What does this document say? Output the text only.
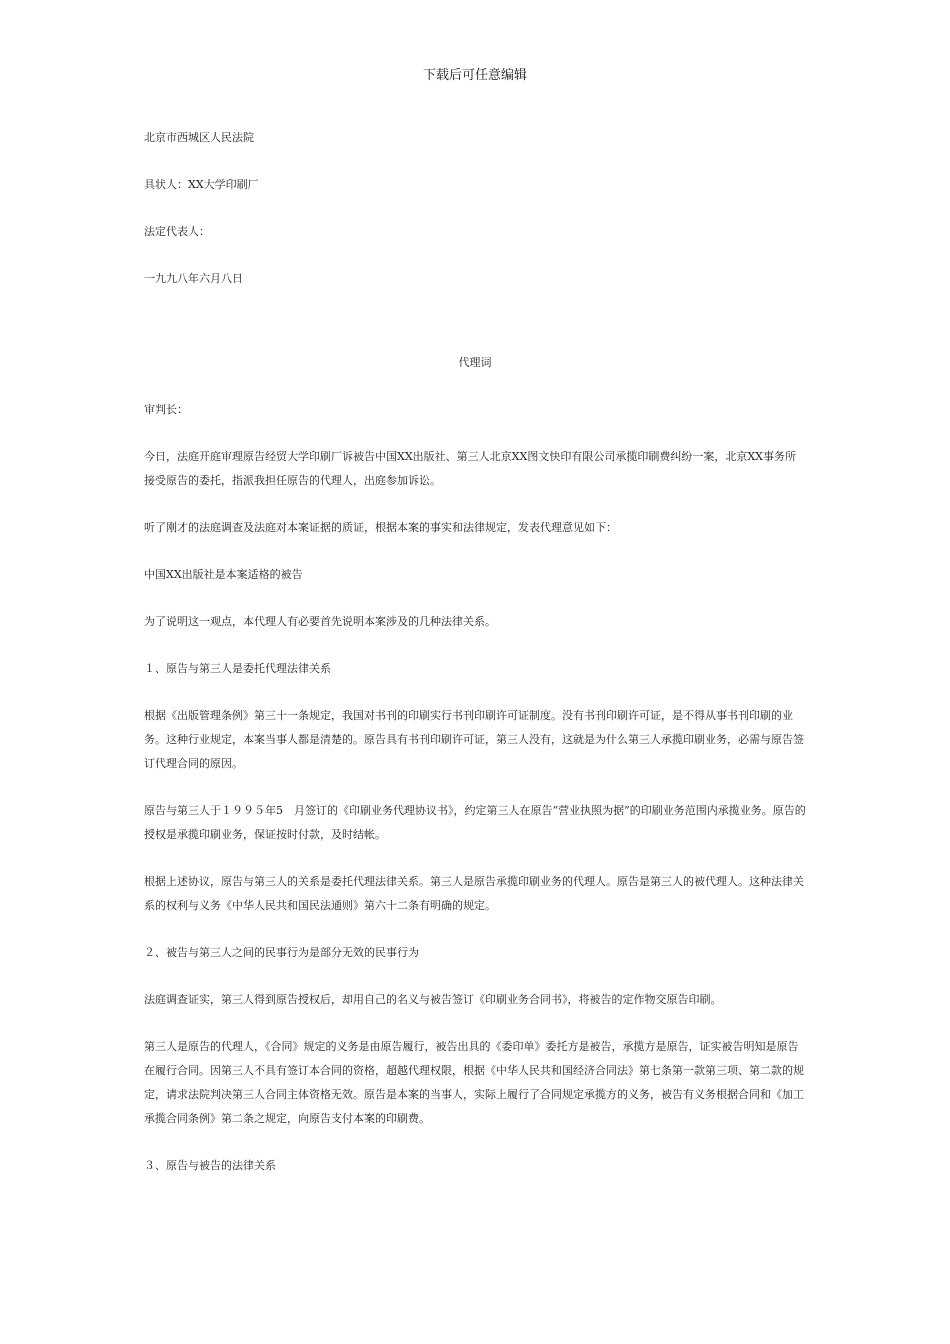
下载后可任意编辑

北京市西城区人民法院

具状人：XX大学印刷厂

法定代表人：

一九九八年六月八日

代理词

审判长：

今日，法庭开庭审理原告经贸大学印刷厂诉被告中国XX出版社、第三人北京XX图文快印有限公司承揽印刷费纠纷一案，北京XX事务所接受原告的委托，指派我担任原告的代理人，出庭参加诉讼。

听了刚才的法庭调查及法庭对本案证据的质证，根据本案的事实和法律规定，发表代理意见如下：

中国XX出版社是本案适格的被告

为了说明这一观点，本代理人有必要首先说明本案涉及的几种法律关系。

１、原告与第三人是委托代理法律关系

根据《出版管理条例》第三十一条规定，我国对书刊的印刷实行书刊印刷许可证制度。没有书刊印刷许可证，是不得从事书刊印刷的业务。这种行业规定，本案当事人都是清楚的。原告具有书刊印刷许可证，第三人没有，这就是为什么第三人承揽印刷业务，必需与原告签订代理合同的原因。

原告与第三人于１９９５年5　月签订的《印刷业务代理协议书》，约定第三人在原告“营业执照为据”的印刷业务范围内承揽业务。原告的授权是承揽印刷业务，保证按时付款，及时结帐。

根据上述协议，原告与第三人的关系是委托代理法律关系。第三人是原告承揽印刷业务的代理人。原告是第三人的被代理人。这种法律关系的权利与义务《中华人民共和国民法通则》第六十二条有明确的规定。

２、被告与第三人之间的民事行为是部分无效的民事行为

法庭调查证实，第三人得到原告授权后，却用自己的名义与被告签订《印刷业务合同书》，将被告的定作物交原告印刷。

第三人是原告的代理人，《合同》规定的义务是由原告履行，被告出具的《委印单》委托方是被告，承揽方是原告，证实被告明知是原告在履行合同。因第三人不具有签订本合同的资格，超越代理权限，根据《中华人民共和国经济合同法》第七条第一款第三项、第二款的规定，请求法院判决第三人合同主体资格无效。原告是本案的当事人，实际上履行了合同规定承揽方的义务，被告有义务根据合同和《加工承揽合同条例》第二条之规定，向原告支付本案的印刷费。

３、原告与被告的法律关系
